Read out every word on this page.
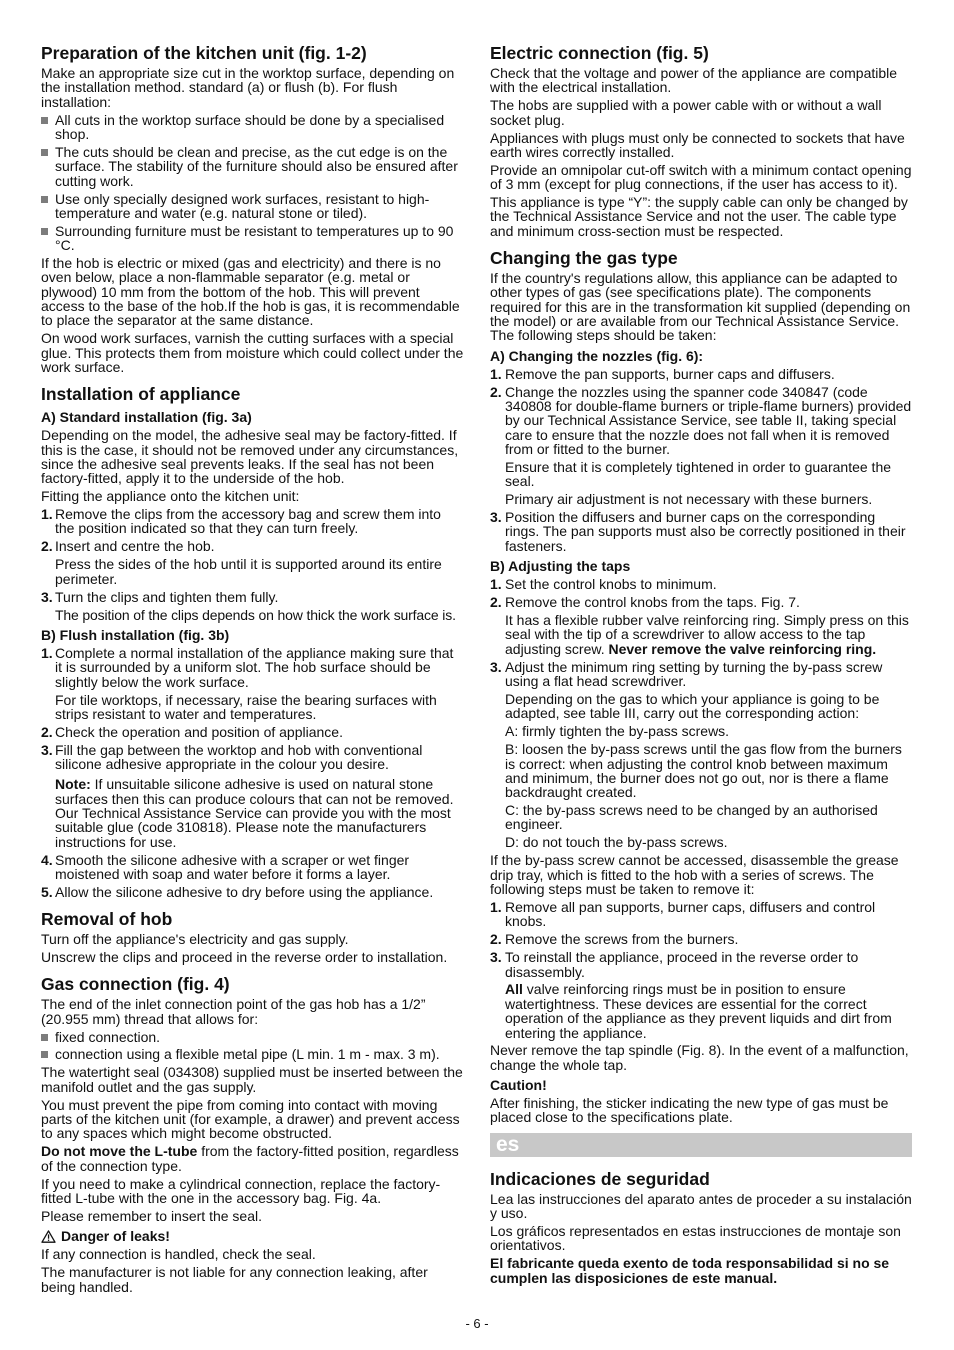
Preparation of the kitchen unit (fig. 1-2)

Make an appropriate size cut in the worktop surface, depending on the installation method. standard (a) or flush (b). For flush installation:

All cuts in the worktop surface should be done by a specialised shop.
The cuts should be clean and precise, as the cut edge is on the surface. The stability of the furniture should also be ensured after cutting work.
Use only specially designed work surfaces, resistant to high-temperature and water (e.g. natural stone or tiled).
Surrounding furniture must be resistant to temperatures up to 90 °C.

If the hob is electric or mixed (gas and electricity) and there is no oven below, place a non-flammable separator (e.g. metal or plywood) 10 mm from the bottom of the hob. This will prevent access to the base of the hob.If the hob is gas, it is recommendable to place the separator at the same distance.

On wood work surfaces, varnish the cutting surfaces with a special glue. This protects them from moisture which could collect under the work surface.

Installation of appliance
A) Standard installation (fig. 3a)

Depending on the model, the adhesive seal may be factory-fitted. If this is the case, it should not be removed under any circumstances, since the adhesive seal prevents leaks. If the seal has not been factory-fitted, apply it to the underside of the hob.

Fitting the appliance onto the kitchen unit:

1. Remove the clips from the accessory bag and screw them into the position indicated so that they can turn freely.

2. Insert and centre the hob.

Press the sides of the hob until it is supported around its entire perimeter.

3. Turn the clips and tighten them fully.

The position of the clips depends on how thick the work surface is.

B) Flush installation (fig. 3b)
1. Complete a normal installation of the appliance making sure that it is surrounded by a uniform slot. The hob surface should be slightly below the work surface.

For tile worktops, if necessary, raise the bearing surfaces with strips resistant to water and temperatures.

2. Check the operation and position of appliance.

3. Fill the gap between the worktop and hob with conventional silicone adhesive appropriate in the colour you desire.

Note: If unsuitable silicone adhesive is used on natural stone surfaces then this can produce colours that can not be removed. Our Technical Assistance Service can provide you with the most suitable glue (code 310818). Please note the manufacturers instructions for use.

4. Smooth the silicone adhesive with a scraper or wet finger moistened with soap and water before it forms a layer.

5. Allow the silicone adhesive to dry before using the appliance.

Removal of hob

Turn off the appliance's electricity and gas supply.

Unscrew the clips and proceed in the reverse order to installation.

Gas connection (fig. 4)

The end of the inlet connection point of the gas hob has a 1/2” (20.955 mm) thread that allows for:

fixed connection.
connection using a flexible metal pipe (L min. 1 m - max. 3 m).

The watertight seal (034308) supplied must be inserted between the manifold outlet and the gas supply.

You must prevent the pipe from coming into contact with moving parts of the kitchen unit (for example, a drawer) and prevent access to any spaces which might become obstructed.

Do not move the L-tube from the factory-fitted position, regardless of the connection type.

If you need to make a cylindrical connection, replace the factory-fitted L-tube with the one in the accessory bag. Fig. 4a.

Please remember to insert the seal.

Danger of leaks!

If any connection is handled, check the seal.

The manufacturer is not liable for any connection leaking, after being handled.

Electric connection (fig. 5)

Check that the voltage and power of the appliance are compatible with the electrical installation.

The hobs are supplied with a power cable with or without a wall socket plug.

Appliances with plugs must only be connected to sockets that have earth wires correctly installed.

Provide an omnipolar cut-off switch with a minimum contact opening of 3 mm (except for plug connections, if the user has access to it).

This appliance is type “Y”: the supply cable can only be changed by the Technical Assistance Service and not the user. The cable type and minimum cross-section must be respected.

Changing the gas type

If the country's regulations allow, this appliance can be adapted to other types of gas (see specifications plate). The components required for this are in the transformation kit supplied (depending on the model) or are available from our Technical Assistance Service. The following steps should be taken:

A) Changing the nozzles (fig. 6):
1. Remove the pan supports, burner caps and diffusers.

2. Change the nozzles using the spanner code 340847 (code 340808 for double-flame burners or triple-flame burners) provided by our Technical Assistance Service, see table II, taking special care to ensure that the nozzle does not fall when it is removed from or fitted to the burner.

Ensure that it is completely tightened in order to guarantee the seal.

Primary air adjustment is not necessary with these burners.

3. Position the diffusers and burner caps on the corresponding rings. The pan supports must also be correctly positioned in their fasteners.

B) Adjusting the taps
1. Set the control knobs to minimum.

2. Remove the control knobs from the taps. Fig. 7.

It has a flexible rubber valve reinforcing ring. Simply press on this seal with the tip of a screwdriver to allow access to the tap adjusting screw. Never remove the valve reinforcing ring.

3. Adjust the minimum ring setting by turning the by-pass screw using a flat head screwdriver.

Depending on the gas to which your appliance is going to be adapted, see table III, carry out the corresponding action:

A: firmly tighten the by-pass screws.

B: loosen the by-pass screws until the gas flow from the burners is correct: when adjusting the control knob between maximum and minimum, the burner does not go out, nor is there a flame backdraught created.

C: the by-pass screws need to be changed by an authorised engineer.

D: do not touch the by-pass screws.

If the by-pass screw cannot be accessed, disassemble the grease drip tray, which is fitted to the hob with a series of screws. The following steps must be taken to remove it:

1. Remove all pan supports, burner caps, diffusers and control knobs.

2. Remove the screws from the burners.

3. To reinstall the appliance, proceed in the reverse order to disassembly.

All valve reinforcing rings must be in position to ensure watertightness. These devices are essential for the correct operation of the appliance as they prevent liquids and dirt from entering the appliance.

Never remove the tap spindle (Fig. 8). In the event of a malfunction, change the whole tap.

Caution!

After finishing, the sticker indicating the new type of gas must be placed close to the specifications plate.

es
Indicaciones de seguridad

Lea las instrucciones del aparato antes de proceder a su instalación y uso.

Los gráficos representados en estas instrucciones de montaje son orientativos.

El fabricante queda exento de toda responsabilidad si no se cumplen las disposiciones de este manual.

- 6 -
